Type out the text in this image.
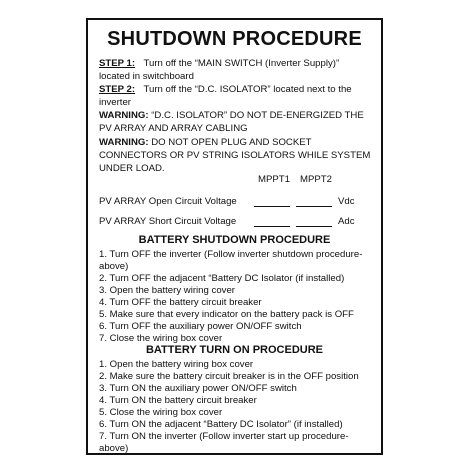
SHUTDOWN PROCEDURE
STEP 1: Turn off the “MAIN SWITCH (Inverter Supply)”
located in switchboard
STEP 2: Turn off the “D.C. ISOLATOR” located next to the
inverter
WARNING: “D.C. ISOLATOR” DO NOT DE-ENERGIZED THE
PV ARRAY AND ARRAY CABLING
WARNING: DO NOT OPEN PLUG AND SOCKET
CONNECTORS OR PV STRING ISOLATORS WHILE SYSTEM
UNDER LOAD.
MPPT1 MPPT2
PV ARRAY Open Circuit Voltage	Vdc
PV ARRAY Short Circuit Voltage	Adc
BATTERY SHUTDOWN PROCEDURE
1. Turn OFF the inverter (Follow inverter shutdown procedure-
above)
2. Turn OFF the adjacent “Battery DC Isolator (if installed)
3. Open the battery wiring cover
4. Turn OFF the battery circuit breaker
5. Make sure that every indicator on the battery pack is OFF
6. Turn OFF the auxiliary power ON/OFF switch
7. Close the wiring box cover
BATTERY TURN ON PROCEDURE
1. Open the battery wiring box cover
2. Make sure the battery circuit breaker is in the OFF position
3. Turn ON the auxiliary power ON/OFF switch
4. Turn ON the battery circuit breaker
5. Close the wiring box cover
6. Turn ON the adjacent “Battery DC Isolator” (if installed)
7. Turn ON the inverter (Follow inverter start up procedure-
above)
